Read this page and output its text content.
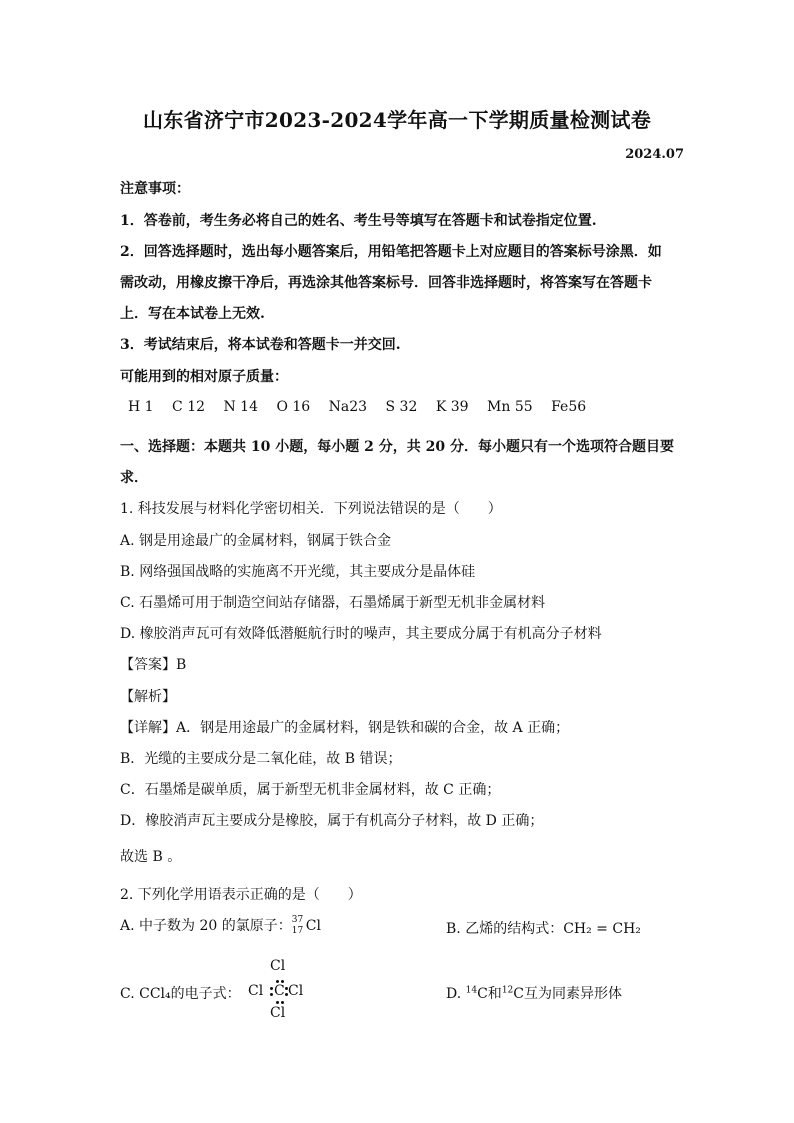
山东省济宁市2023-2024学年高一下学期质量检测试卷
2024.07
注意事项：
1．答卷前，考生务必将自己的姓名、考生号等填写在答题卡和试卷指定位置.
2．回答选择题时，选出每小题答案后，用铅笔把答题卡上对应题目的答案标号涂黑．如
需改动，用橡皮擦干净后，再选涂其他答案标号．回答非选择题时，将答案写在答题卡
上．写在本试卷上无效.
3．考试结束后，将本试卷和答题卡一并交回.
可能用到的相对原子质量：
H 1 C 12 N 14 O 16 Na23 S 32 K 39 Mn 55 Fe56
一、选择题：本题共 10 小题，每小题 2 分，共 20 分．每小题只有一个选项符合题目要
求．
1. 科技发展与材料化学密切相关．下列说法错误的是（　　）
A. 钢是用途最广的金属材料，钢属于铁合金
B. 网络强国战略的实施离不开光缆，其主要成分是晶体硅
C. 石墨烯可用于制造空间站存储器，石墨烯属于新型无机非金属材料
D. 橡胶消声瓦可有效降低潜艇航行时的噪声，其主要成分属于有机高分子材料
【答案】B
【解析】
【详解】A．钢是用途最广的金属材料，钢是铁和碳的合金，故 A 正确；
B．光缆的主要成分是二氧化硅，故 B 错误；
C．石墨烯是碳单质，属于新型无机非金属材料，故 C 正确；
D．橡胶消声瓦主要成分是橡胶，属于有机高分子材料，故 D 正确；
故选 B 。
2. 下列化学用语表示正确的是（　　）
A. 中子数为 20 的氯原子： 37
17 Cl	B. 乙烯的结构式：CH₂ = CH₂
C. CCl₄的电子式：
Cl
Cl C Cl
Cl
D. $^{14}$C和$^{12}$C互为同素异形体
